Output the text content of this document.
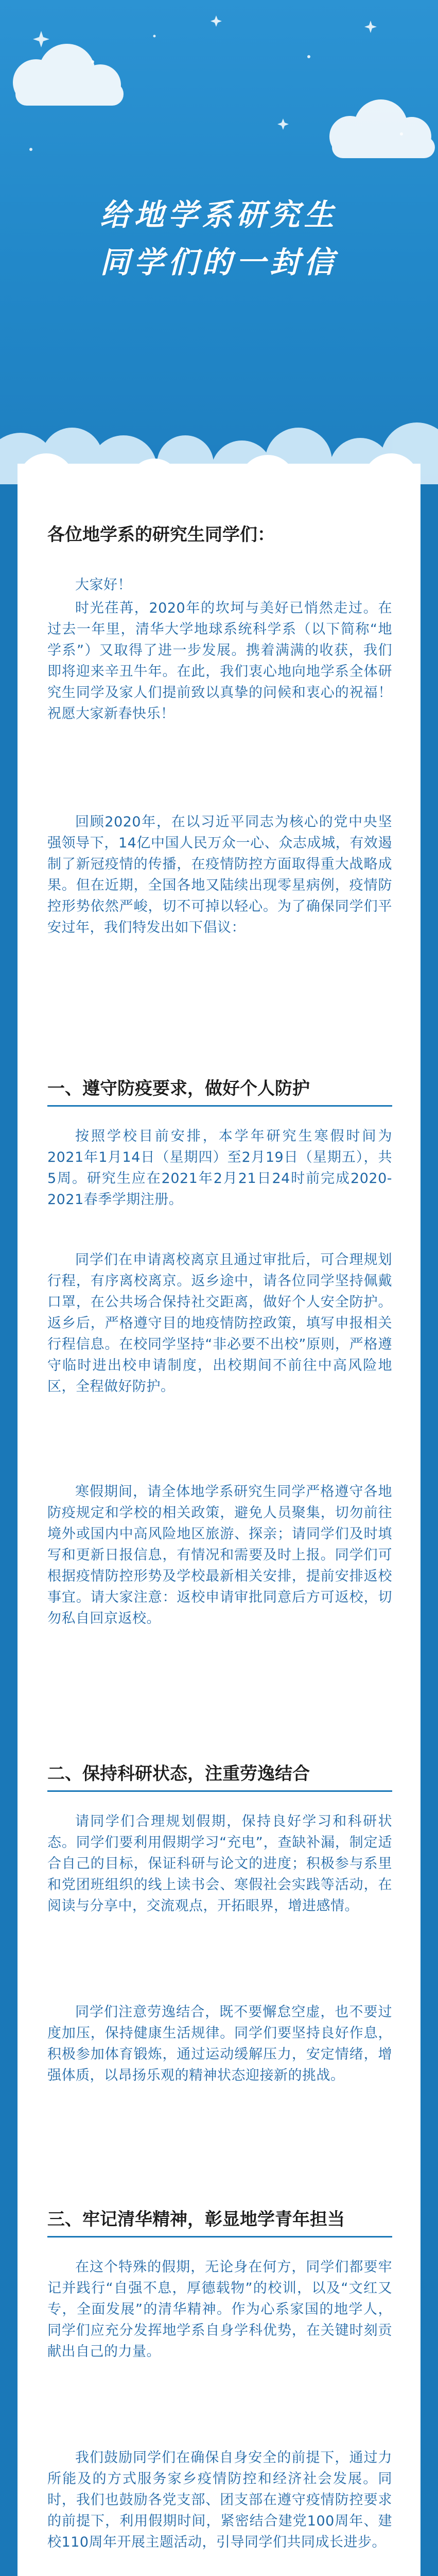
给地学系研究生
同学们的一封信
各位地学系的研究生同学们：
大家好！
时光荏苒，2020年的坎坷与美好已悄然走过。在过去一年里，清华大学地球系统科学系（以下简称“地学系”）又取得了进一步发展。携着满满的收获，我们即将迎来辛丑牛年。在此，我们衷心地向地学系全体研究生同学及家人们提前致以真挚的问候和衷心的祝福！祝愿大家新春快乐！
回顾2020年，在以习近平同志为核心的党中央坚强领导下，14亿中国人民万众一心、众志成城，有效遏制了新冠疫情的传播，在疫情防控方面取得重大战略成果。但在近期，全国各地又陆续出现零星病例，疫情防控形势依然严峻，切不可掉以轻心。为了确保同学们平安过年，我们特发出如下倡议：
一、遵守防疫要求，做好个人防护
按照学校目前安排，本学年研究生寒假时间为2021年1月14日（星期四）至2月19日（星期五），共5周。研究生应在2021年2月21日24时前完成2020-2021春季学期注册。
同学们在申请离校离京且通过审批后，可合理规划行程，有序离校离京。返乡途中，请各位同学坚持佩戴口罩，在公共场合保持社交距离，做好个人安全防护。返乡后，严格遵守目的地疫情防控政策，填写申报相关行程信息。在校同学坚持“非必要不出校”原则，严格遵守临时进出校申请制度，出校期间不前往中高风险地区，全程做好防护。
寒假期间，请全体地学系研究生同学严格遵守各地防疫规定和学校的相关政策，避免人员聚集，切勿前往境外或国内中高风险地区旅游、探亲；请同学们及时填写和更新日报信息，有情况和需要及时上报。同学们可根据疫情防控形势及学校最新相关安排，提前安排返校事宜。请大家注意：返校申请审批同意后方可返校，切勿私自回京返校。
二、保持科研状态，注重劳逸结合
请同学们合理规划假期，保持良好学习和科研状态。同学们要利用假期学习“充电”，查缺补漏，制定适合自己的目标，保证科研与论文的进度；积极参与系里和党团班组织的线上读书会、寒假社会实践等活动，在阅读与分享中，交流观点，开拓眼界，增进感情。
同学们注意劳逸结合，既不要懈怠空虚，也不要过度加压，保持健康生活规律。同学们要坚持良好作息，积极参加体育锻炼，通过运动缓解压力，安定情绪，增强体质，以昂扬乐观的精神状态迎接新的挑战。
三、牢记清华精神，彰显地学青年担当
在这个特殊的假期，无论身在何方，同学们都要牢记并践行“自强不息，厚德载物”的校训，以及“文红又专，全面发展”的清华精神。作为心系家国的地学人，同学们应充分发挥地学系自身学科优势，在关键时刻贡献出自己的力量。
我们鼓励同学们在确保自身安全的前提下，通过力所能及的方式服务家乡疫情防控和经济社会发展。同时，我们也鼓励各党支部、团支部在遵守疫情防控要求的前提下，利用假期时间，紧密结合建党100周年、建校110周年开展主题活动，引导同学们共同成长进步。
